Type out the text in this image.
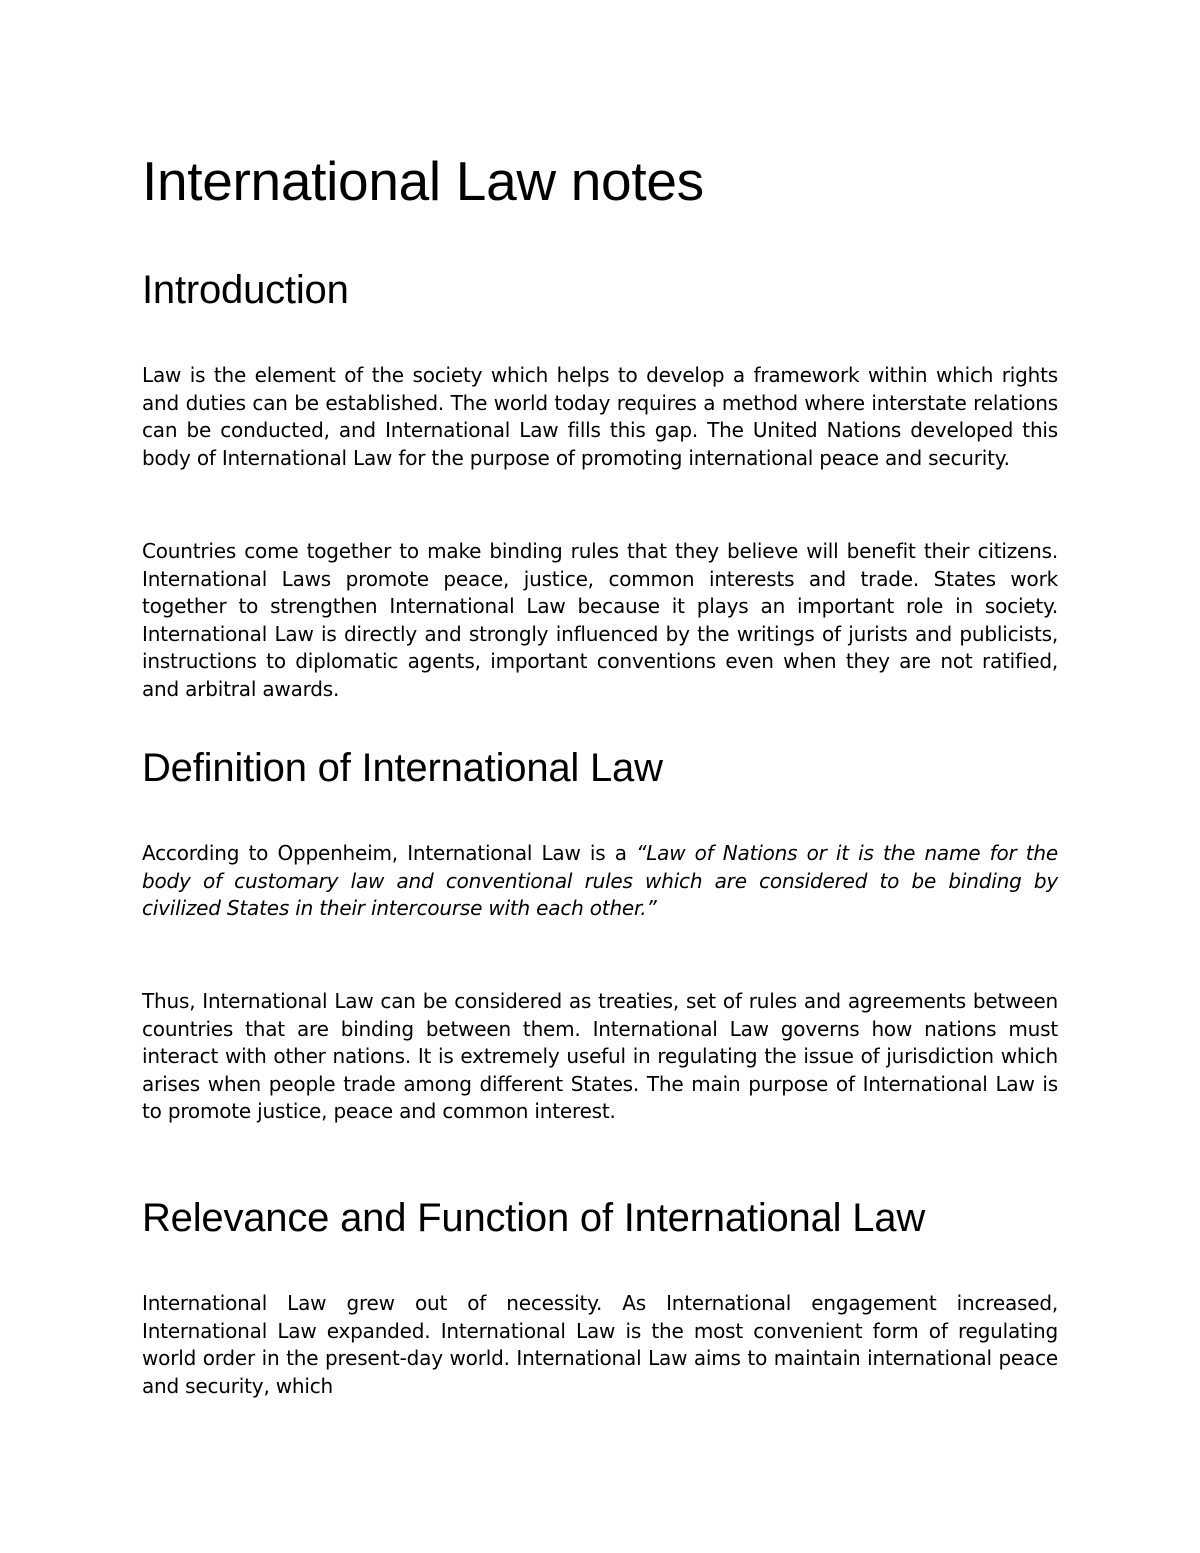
International Law notes
Introduction

Law is the element of the society which helps to develop a framework within which rights and duties can be established. The world today requires a method where interstate relations can be conducted, and International Law fills this gap. The United Nations developed this body of International Law for the purpose of promoting international peace and security.

Countries come together to make binding rules that they believe will benefit their citizens. International Laws promote peace, justice, common interests and trade. States work together to strengthen International Law because it plays an important role in society. International Law is directly and strongly influenced by the writings of jurists and publicists, instructions to diplomatic agents, important conventions even when they are not ratified, and arbitral awards.

Definition of International Law

According to Oppenheim, International Law is a “Law of Nations or it is the name for the body of customary law and conventional rules which are considered to be binding by civilized States in their intercourse with each other.”

Thus, International Law can be considered as treaties, set of rules and agreements between countries that are binding between them. International Law governs how nations must interact with other nations. It is extremely useful in regulating the issue of jurisdiction which arises when people trade among different States. The main purpose of International Law is to promote justice, peace and common interest.

Relevance and Function of International Law

International Law grew out of necessity. As International engagement increased, International Law expanded. International Law is the most convenient form of regulating world order in the present-day world. International Law aims to maintain international peace and security, which
